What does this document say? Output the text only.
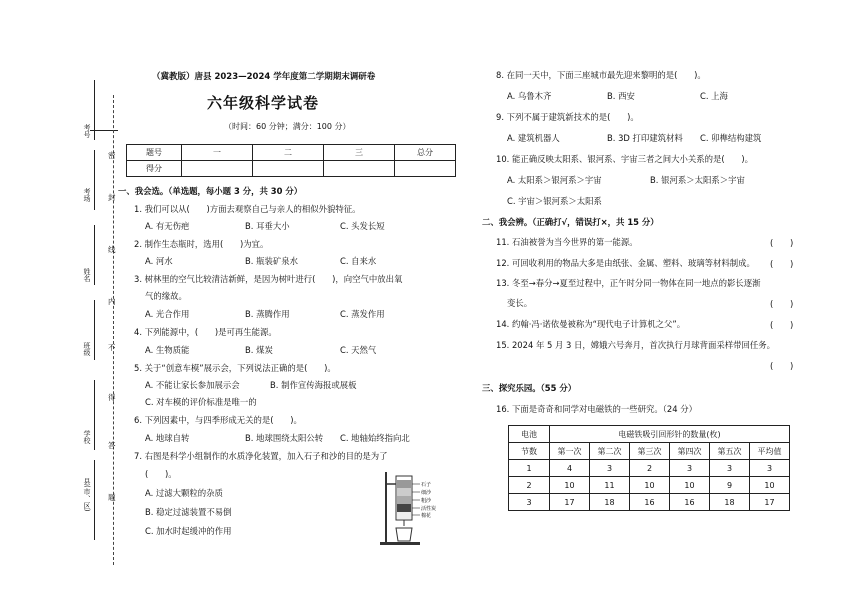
考号
考场
姓名
班级
学校
县(市、区)
密
封
线
内
不
得
答
题
（冀教版）唐县 2023—2024 学年度第二学期期末调研卷
六年级科学试卷
（时间：60 分钟；满分：100 分）
题号	一	二	三	总分
得分				
一、我会选。（单选题，每小题 3 分，共 30 分）
1. 我们可以从(　　)方面去观察自己与亲人的相似外貌特征。
A. 有无伤疤	B. 耳垂大小	C. 头发长短
2. 制作生态瓶时，选用(　　)为宜。
A. 河水	B. 瓶装矿泉水	C. 自来水
3. 树林里的空气比较清洁新鲜，是因为树叶进行(　　)，向空气中放出氧
气的缘故。
A. 光合作用	B. 蒸腾作用	C. 蒸发作用
4. 下列能源中，(　　)是可再生能源。
A. 生物质能	B. 煤炭	C. 天然气
5. 关于“创意车模”展示会，下列说法正确的是(　　)。
A. 不能让家长参加展示会	B. 制作宣传海报或展板
C. 对车模的评价标准是唯一的
6. 下列因素中，与四季形成无关的是(　　)。
A. 地球自转	B. 地球围绕太阳公转 C. 地轴始终指向北
7. 右图是科学小组制作的水质净化装置，加入石子和沙的目的是为了
(　　)。
A. 过滤大颗粒的杂质
B. 稳定过滤装置不易倒
C. 加水时起缓冲的作用
石子
细沙
粗沙
活性炭
棉花
8. 在同一天中，下面三座城市最先迎来黎明的是(　　)。
A. 乌鲁木齐	B. 西安	C. 上海
9. 下列不属于建筑新技术的是(　　)。
A. 建筑机器人	B. 3D 打印建筑材料 C. 卯榫结构建筑
10. 能正确反映太阳系、银河系、宇宙三者之间大小关系的是(　　)。
A. 太阳系＞银河系＞宇宙	B. 银河系＞太阳系＞宇宙
C. 宇宙＞银河系＞太阳系
二、我会辨。（正确打√，错误打×，共 15 分）
11. 石油被誉为当今世界的第一能源。	(　　)
12. 可回收利用的物品大多是由纸张、金属、塑料、玻璃等材料制成。 (　　)
13. 冬至→春分→夏至过程中，正午时分同一物体在同一地点的影长逐渐
变长。	(　　)
14. 约翰·冯·诺依曼被称为“现代电子计算机之父”。	(　　)
15. 2024 年 5 月 3 日，嫦娥六号奔月，首次执行月球背面采样带回任务。
(　　)
三、探究乐园。（55 分）
16. 下面是奇奇和同学对电磁铁的一些研究。（24 分）
电池	电磁铁吸引回形针的数量(枚)					
节数	第一次	第二次	第三次	第四次	第五次	平均值
1	4	3	2	3	3	3
2	10	11	10	10	9	10
3	17	18	16	16	18	17
